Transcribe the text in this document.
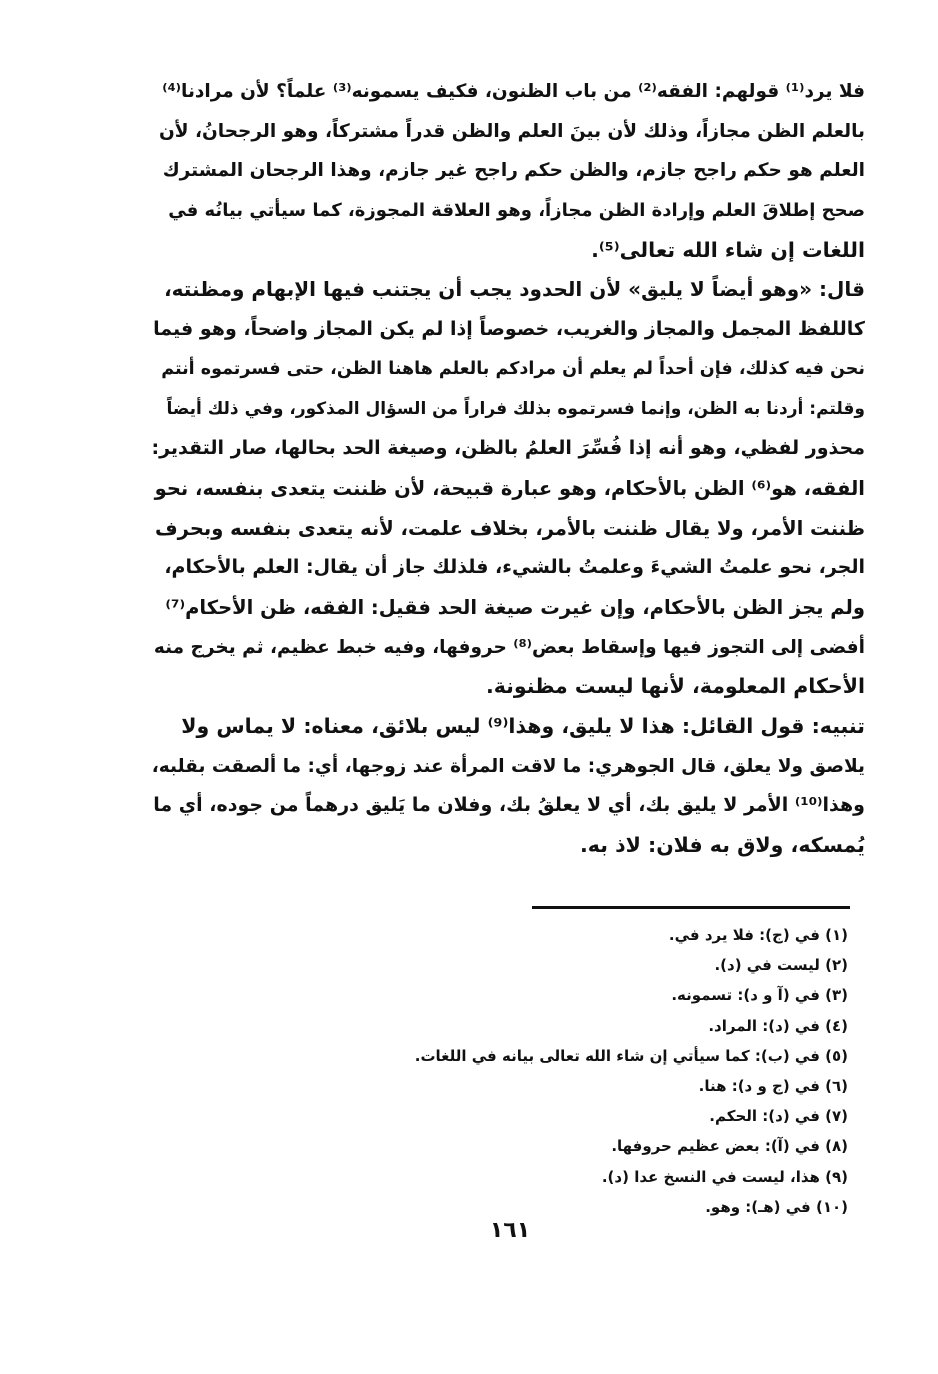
فلا يرد⁽¹⁾ قولهم: الفقه⁽²⁾ من باب الظنون، فكيف يسمونه⁽³⁾ علماً؟ لأن مرادنا⁽⁴⁾
بالعلم الظن مجازاً، وذلك لأن بينَ العلم والظن قدراً مشتركاً، وهو الرجحانُ، لأن
العلم هو حكم راجح جازم، والظن حكم راجح غير جازم، وهذا الرجحان المشترك
صحح إطلاقَ العلم وإرادة الظن مجازاً، وهو العلاقة المجوزة، كما سيأتي بيانُه في
اللغات إن شاء الله تعالى⁽⁵⁾.
قال: «وهو أيضاً لا يليق» لأن الحدود يجب أن يجتنب فيها الإبهام ومظنته،
كاللفظ المجمل والمجاز والغريب، خصوصاً إذا لم يكن المجاز واضحاً، وهو فيما
نحن فيه كذلك، فإن أحداً لم يعلم أن مرادكم بالعلم هاهنا الظن، حتى فسرتموه أنتم
وقلتم: أردنا به الظن، وإنما فسرتموه بذلك فراراً من السؤال المذكور، وفي ذلك أيضاً
محذور لفظي، وهو أنه إذا فُسِّرَ العلمُ بالظن، وصيغة الحد بحالها، صار التقدير:
الفقه، هو⁽⁶⁾ الظن بالأحكام، وهو عبارة قبيحة، لأن ظننت يتعدى بنفسه، نحو
ظننت الأمر، ولا يقال ظننت بالأمر، بخلاف علمت، لأنه يتعدى بنفسه وبحرف
الجر، نحو علمتُ الشيءَ وعلمتُ بالشيء، فلذلك جاز أن يقال: العلم بالأحكام،
ولم يجز الظن بالأحكام، وإن غيرت صيغة الحد فقيل: الفقه، ظن الأحكام⁽⁷⁾
أفضى إلى التجوز فيها وإسقاط بعض⁽⁸⁾ حروفها، وفيه خبط عظيم، ثم يخرج منه
الأحكام المعلومة، لأنها ليست مظنونة.
تنبيه: قول القائل: هذا لا يليق، وهذا⁽⁹⁾ ليس بلائق، معناه: لا يماس ولا
يلاصق ولا يعلق، قال الجوهري: ما لاقت المرأة عند زوجها، أي: ما ألصقت بقلبه،
وهذا⁽¹⁰⁾ الأمر لا يليق بك، أي لا يعلقُ بك، وفلان ما يَليق درهماً من جوده، أي ما
يُمسكه، ولاق به فلان: لاذ به.
(١) في (ج): فلا يرد في.
(٢) ليست في (د).
(٣) في (آ و د): تسمونه.
(٤) في (د): المراد.
(٥) في (ب): كما سيأتي إن شاء الله تعالى بيانه في اللغات.
(٦) في (ج و د): هنا.
(٧) في (د): الحكم.
(٨) في (آ): بعض عظيم حروفها.
(٩) هذا، ليست في النسخ عدا (د).
(١٠) في (هـ): وهو.
١٦١
